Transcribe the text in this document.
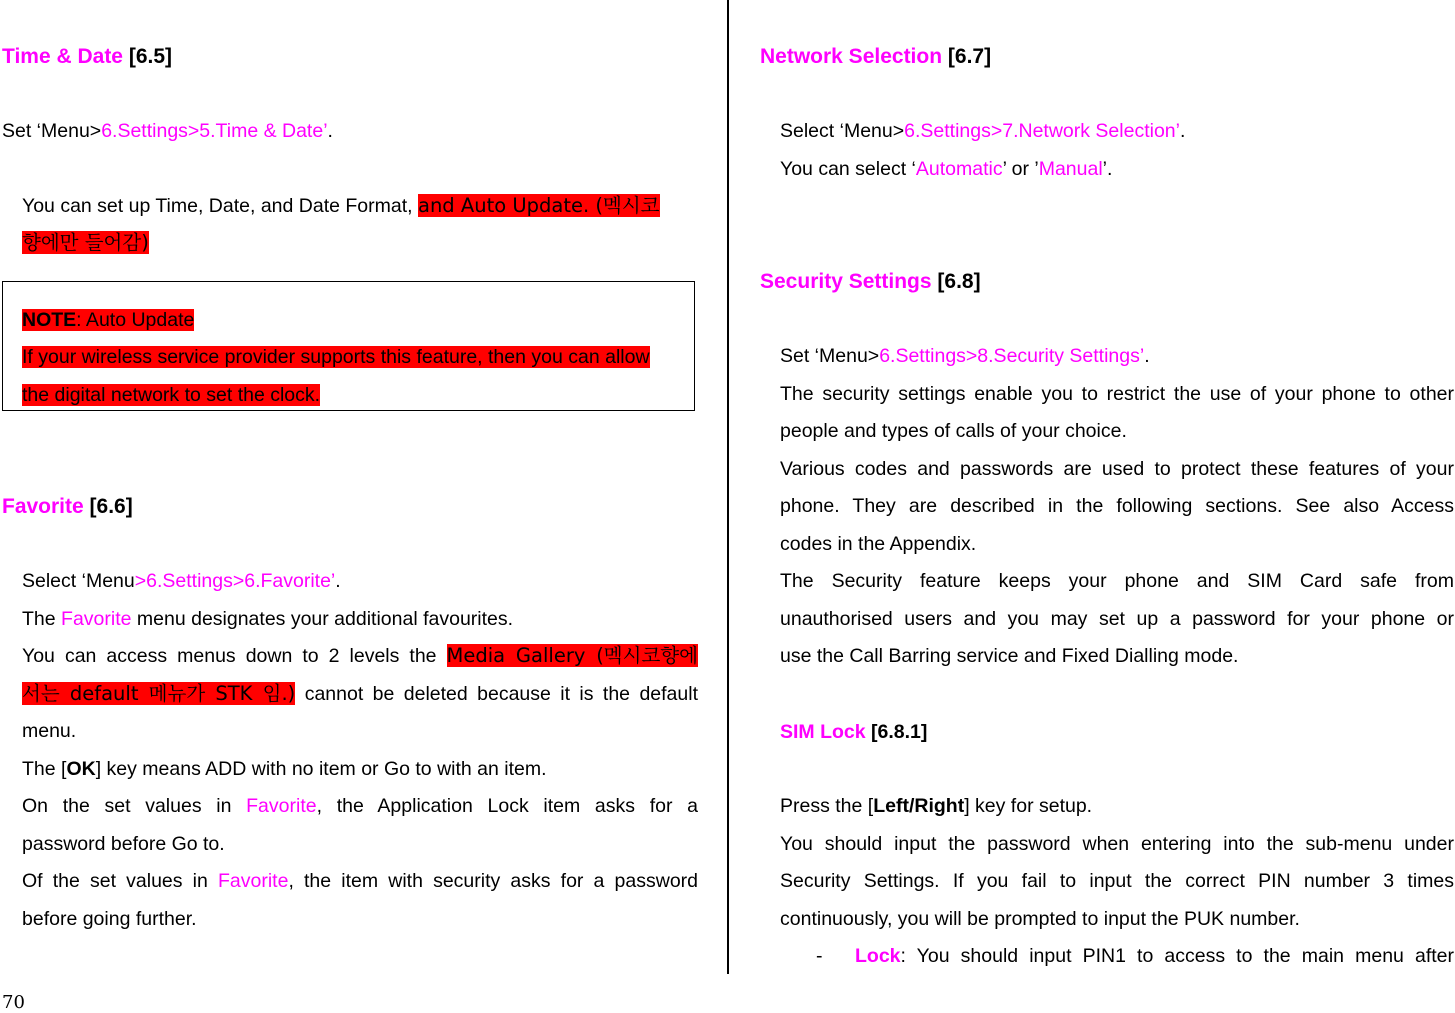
Time & Date [6.5]
Set ‘Menu>6.Settings>5.Time & Date’.
You can set up Time, Date, and Date Format, and Auto Update. (멕시코
향에만 들어감)
NOTE: Auto Update
If your wireless service provider supports this feature, then you can allow
the digital network to set the clock.
Favorite [6.6]
Select ‘Menu>6.Settings>6.Favorite’.
The Favorite menu designates your additional favourites.
You can access menus down to 2 levels the Media Gallery (멕시코향에
서는 default 메뉴가 STK 임.) cannot be deleted because it is the default
menu.
The [OK] key means ADD with no item or Go to with an item.
On the set values in Favorite, the Application Lock item asks for a
password before Go to.
Of the set values in Favorite, the item with security asks for a password
before going further.
Network Selection [6.7]
Select ‘Menu>6.Settings>7.Network Selection’.
You can select ‘Automatic’ or ’Manual’.
Security Settings [6.8]
Set ‘Menu>6.Settings>8.Security Settings’.
The security settings enable you to restrict the use of your phone to other
people and types of calls of your choice.
Various codes and passwords are used to protect these features of your
phone. They are described in the following sections. See also Access
codes in the Appendix.
The Security feature keeps your phone and SIM Card safe from
unauthorised users and you may set up a password for your phone or
use the Call Barring service and Fixed Dialling mode.
SIM Lock [6.8.1]
Press the [Left/Right] key for setup.
You should input the password when entering into the sub-menu under
Security Settings. If you fail to input the correct PIN number 3 times
continuously, you will be prompted to input the PUK number.
- Lock: You should input PIN1 to access to the main menu after
70
